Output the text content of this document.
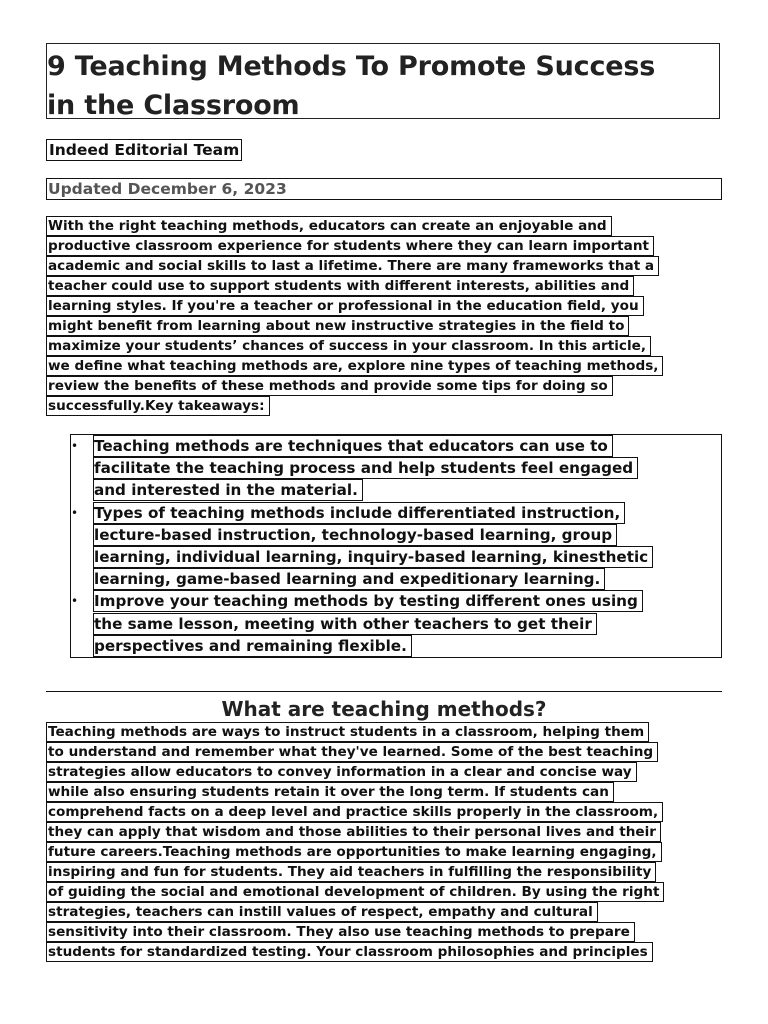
9 Teaching Methods To Promote Success
in the Classroom
Indeed Editorial Team
Updated December 6, 2023
With the right teaching methods, educators can create an enjoyable and
productive classroom experience for students where they can learn important
academic and social skills to last a lifetime. There are many frameworks that a
teacher could use to support students with different interests, abilities and
learning styles. If you're a teacher or professional in the education field, you
might benefit from learning about new instructive strategies in the field to
maximize your students’ chances of success in your classroom. In this article,
we define what teaching methods are, explore nine types of teaching methods,
review the benefits of these methods and provide some tips for doing so
successfully.Key takeaways:
• Teaching methods are techniques that educators can use to
facilitate the teaching process and help students feel engaged
and interested in the material.
• Types of teaching methods include differentiated instruction,
lecture-based instruction, technology-based learning, group
learning, individual learning, inquiry-based learning, kinesthetic
learning, game-based learning and expeditionary learning.
• Improve your teaching methods by testing different ones using
the same lesson, meeting with other teachers to get their
perspectives and remaining flexible.
What are teaching methods?
Teaching methods are ways to instruct students in a classroom, helping them
to understand and remember what they've learned. Some of the best teaching
strategies allow educators to convey information in a clear and concise way
while also ensuring students retain it over the long term. If students can
comprehend facts on a deep level and practice skills properly in the classroom,
they can apply that wisdom and those abilities to their personal lives and their
future careers.Teaching methods are opportunities to make learning engaging,
inspiring and fun for students. They aid teachers in fulfilling the responsibility
of guiding the social and emotional development of children. By using the right
strategies, teachers can instill values of respect, empathy and cultural
sensitivity into their classroom. They also use teaching methods to prepare
students for standardized testing. Your classroom philosophies and principles
